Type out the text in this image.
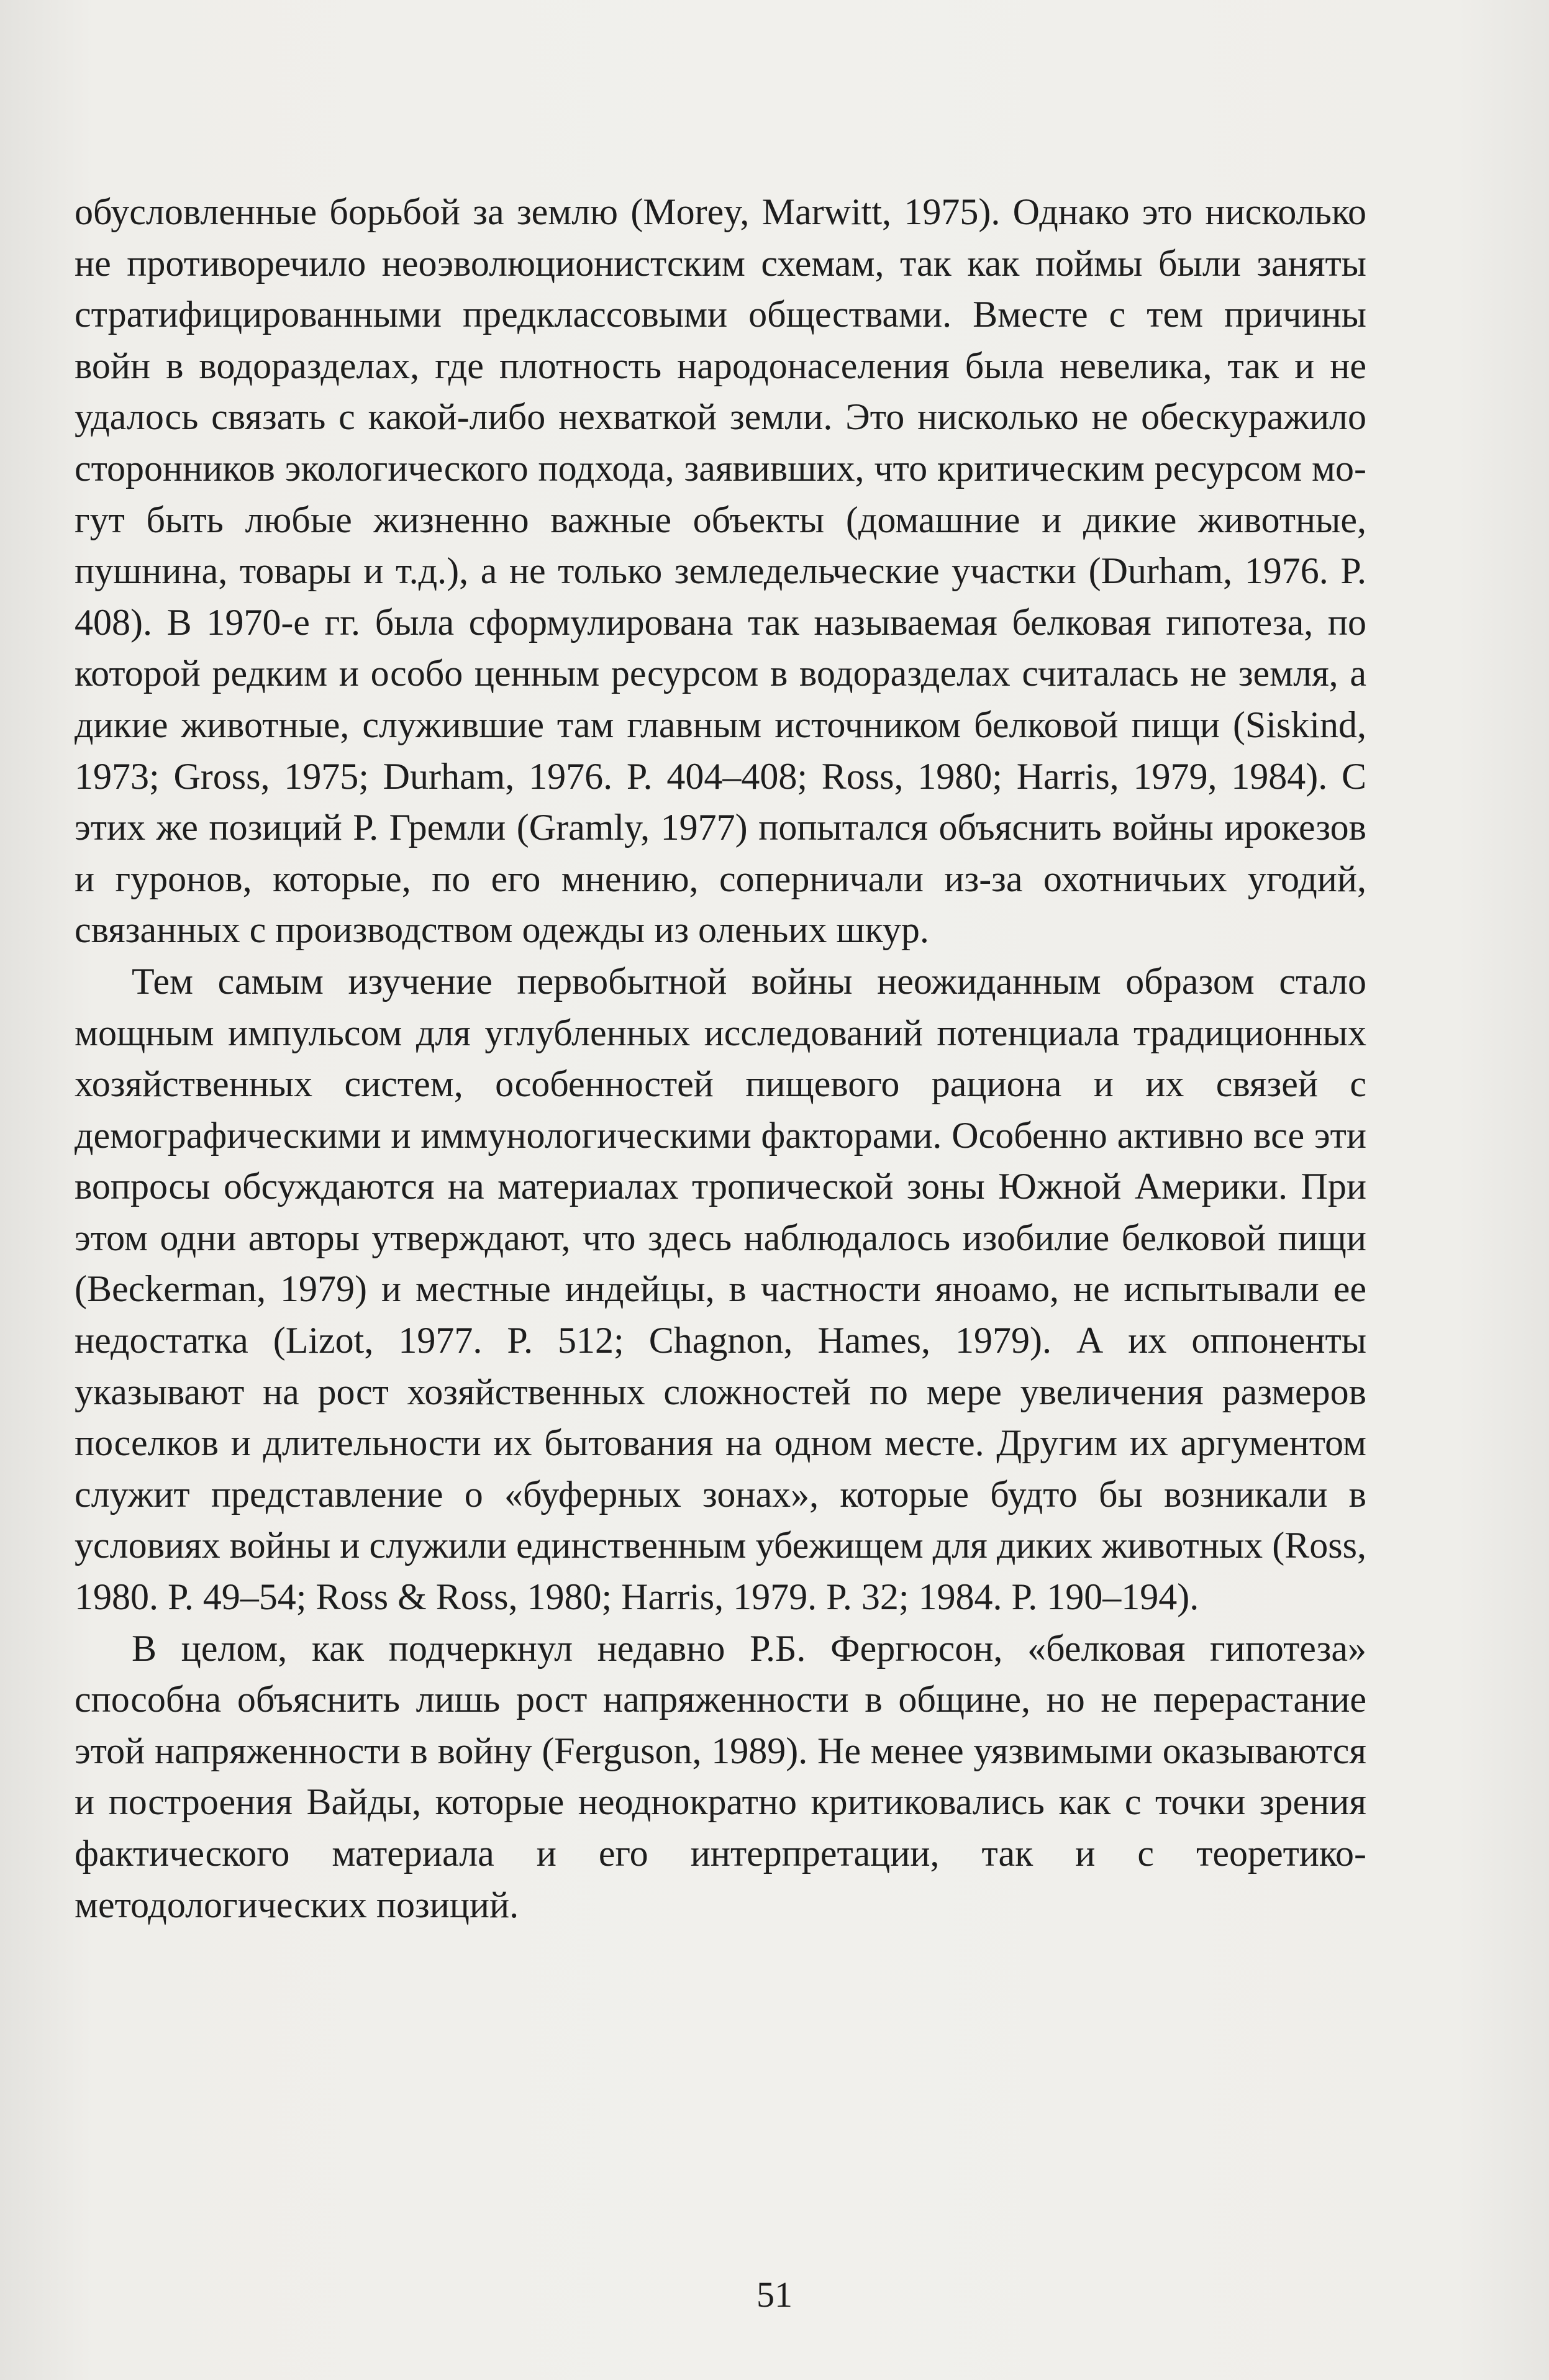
обусловленные борьбой за землю (Morey, Marwitt, 1975). Однако это нисколько не противоречило неоэволюционистским схемам, так как поймы были заняты стратифицированными предклассовыми обществами. Вместе с тем причины войн в водоразделах, где плотность народонаселения была невелика, так и не удалось связать с какой-либо нехваткой земли. Это нисколько не обескуражило сторонников экологического подхода, заявивших, что критическим ресурсом могут быть любые жизненно важные объекты (домашние и дикие животные, пушнина, товары и т.д.), а не только земледельческие участки (Durham, 1976. P. 408). В 1970-е гг. была сформулирована так называемая белковая гипотеза, по которой редким и особо ценным ресурсом в водоразделах считалась не земля, а дикие животные, служившие там главным источником белковой пищи (Siskind, 1973; Gross, 1975; Durham, 1976. P. 404–408; Ross, 1980; Harris, 1979, 1984). С этих же позиций Р. Гремли (Gramly, 1977) попытался объяснить войны ирокезов и гуронов, которые, по его мнению, соперничали из-за охотничьих угодий, связанных с производством одежды из оленьих шкур.

Тем самым изучение первобытной войны неожиданным образом стало мощным импульсом для углубленных исследований потенциала традиционных хозяйственных систем, особенностей пищевого рациона и их связей с демографическими и иммунологическими факторами. Особенно активно все эти вопросы обсуждаются на материалах тропической зоны Южной Америки. При этом одни авторы утверждают, что здесь наблюдалось изобилие белковой пищи (Beckerman, 1979) и местные индейцы, в частности яноамо, не испытывали ее недостатка (Lizot, 1977. P. 512; Chagnon, Hames, 1979). А их оппоненты указывают на рост хозяйственных сложностей по мере увеличения размеров поселков и длительности их бытования на одном месте. Другим их аргументом служит представление о «буферных зонах», которые будто бы возникали в условиях войны и служили единственным убежищем для диких животных (Ross, 1980. P. 49–54; Ross & Ross, 1980; Harris, 1979. P. 32; 1984. P. 190–194).

В целом, как подчеркнул недавно Р.Б. Фергюсон, «белковая гипотеза» способна объяснить лишь рост напряженности в общине, но не перерастание этой напряженности в войну (Ferguson, 1989). Не менее уязвимыми оказываются и построения Вайды, которые неоднократно критиковались как с точки зрения фактического материала и его интерпретации, так и с теоретико-методологических позиций.

51
